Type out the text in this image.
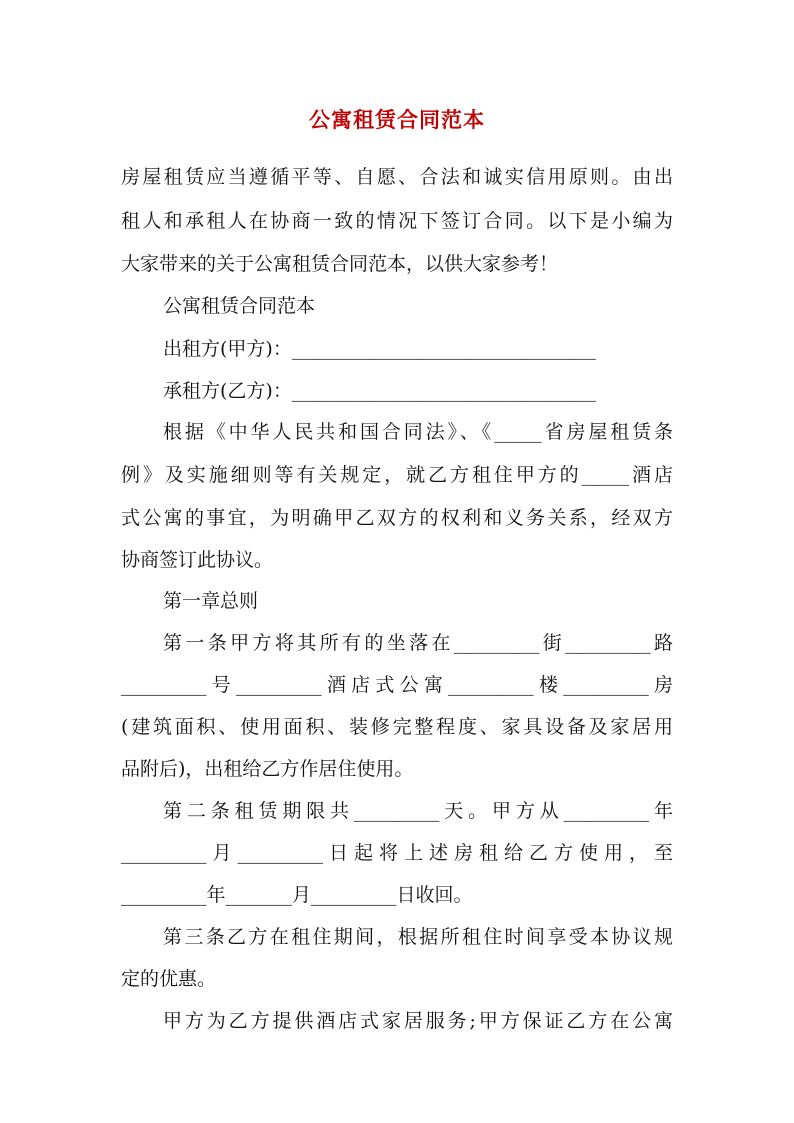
公寓租赁合同范本
房屋租赁应当遵循平等、自愿、合法和诚实信用原则。由出
租人和承租人在协商一致的情况下签订合同。以下是小编为
大家带来的关于公寓租赁合同范本，以供大家参考！
公寓租赁合同范本
出租方(甲方)：________________________________
承租方(乙方)：________________________________
根据《中华人民共和国合同法》、《_____省房屋租赁条
例》及实施细则等有关规定，就乙方租住甲方的_____酒店
式公寓的事宜，为明确甲乙双方的权利和义务关系，经双方
协商签订此协议。
第一章总则
第一条甲方将其所有的坐落在_________街_________路
_________号_________酒店式公寓_________楼_________房
(建筑面积、使用面积、装修完整程度、家具设备及家居用
品附后)，出租给乙方作居住使用。
第二条租赁期限共_________天。甲方从_________年
_________月_________日起将上述房租给乙方使用，至
_________年_______月_________日收回。
第三条乙方在租住期间，根据所租住时间享受本协议规
定的优惠。
甲方为乙方提供酒店式家居服务;甲方保证乙方在公寓
